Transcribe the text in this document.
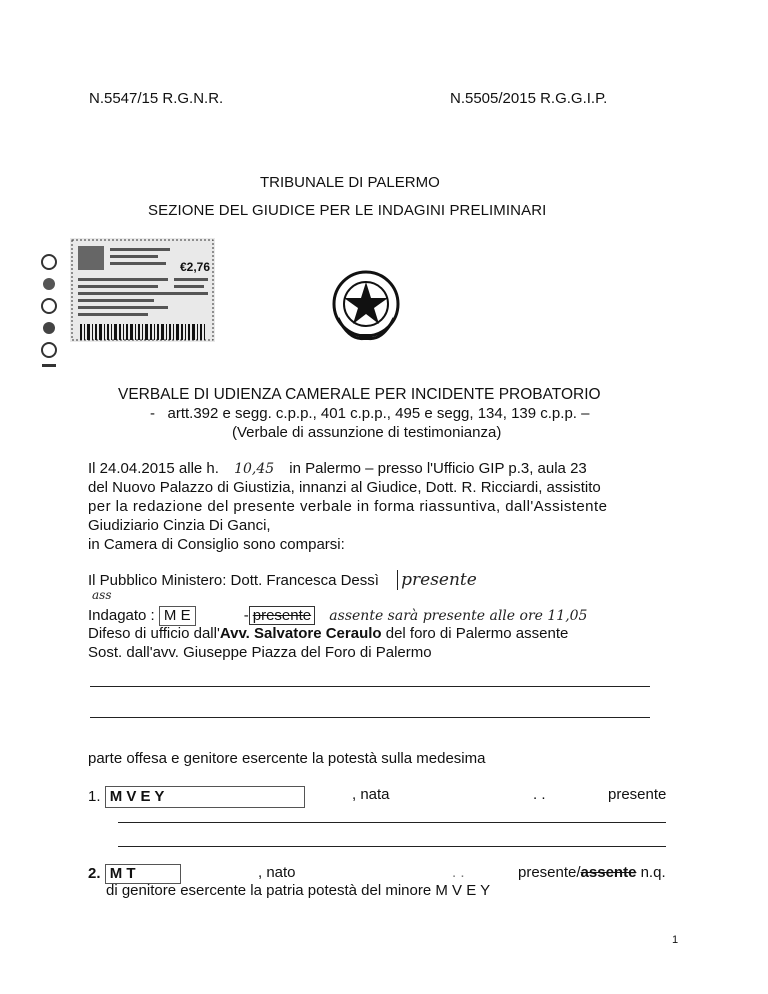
N.5547/15 R.G.N.R.	N.5505/2015 R.G.G.I.P.
TRIBUNALE DI PALERMO
SEZIONE DEL GIUDICE PER LE INDAGINI PRELIMINARI
€2,76
VERBALE DI UDIENZA CAMERALE PER INCIDENTE PROBATORIO
-   artt.392 e segg. c.p.p., 401 c.p.p., 495 e segg, 134, 139 c.p.p. –
(Verbale di assunzione di testimonianza)
Il 24.04.2015 alle h. 10,45 in Palermo – presso l'Ufficio GIP p.3, aula 23
del Nuovo Palazzo di Giustizia, innanzi al Giudice, Dott. R. Ricciardi, assistito
per la redazione del presente verbale in forma riassuntiva, dall'Assistente
Giudiziario Cinzia Di Ganci,
in Camera di Consiglio sono comparsi:
Il Pubblico Ministero: Dott. Francesca Dessì presente
ass
Indagato : M E	- presente assente sarà presente alle ore 11,05
Difeso di ufficio dall'Avv. Salvatore Ceraulo del foro di Palermo assente
Sost. dall'avv. Giuseppe Piazza del Foro di Palermo
parte offesa e genitore esercente la potestà sulla medesima
1. M V E Y	, nata	. .	presente
2. M T	, nato	. .	presente/assente n.q.
di genitore esercente la patria potestà del minore M V E Y
1
